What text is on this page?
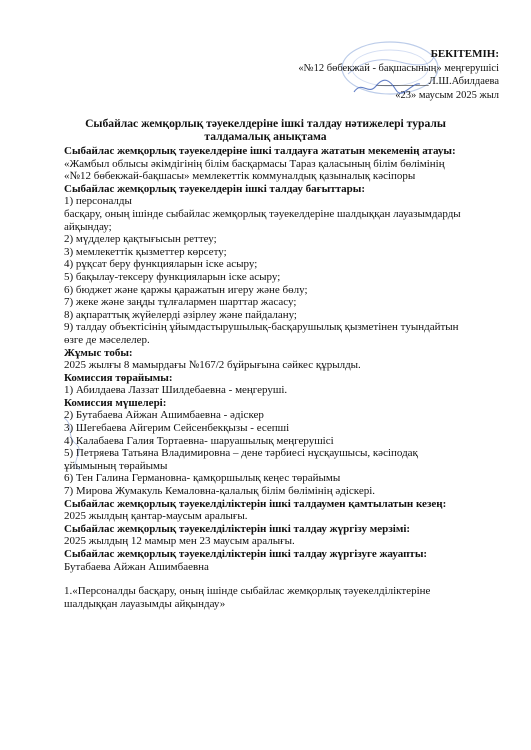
БЕКІТЕМІН:
«№12 бөбекжай - бақшасының» меңгерушісі
__________Л.Ш.Абилдаева
«23» маусым 2025 жыл
Сыбайлас жемқорлық тәуекелдеріне ішкі талдау нәтижелері туралы
талдамалық анықтама

Сыбайлас жемқорлық тәуекелдеріне ішкі талдауға жататын мекеменің атауы:

«Жамбыл облысы әкімдігінің білім басқармасы Тараз қаласының білім бөлімінің

«№12 бөбекжай-бақшасы» мемлекеттік коммуналдық қазыналық кәсіпоры

Сыбайлас жемқорлық тәуекелдерін ішкі талдау бағыттары:

1) персоналды

басқару, оның ішінде сыбайлас жемқорлық тәуекелдеріне шалдыққан лауазымдарды

айқындау;

2) мүдделер қақтығысын реттеу;

3) мемлекеттік қызметтер көрсету;

4) рұқсат беру функцияларын іске асыру;

5) бақылау-тексеру функцияларын іске асыру;

6) бюджет және қаржы қаражатын игеру және бөлу;

7) жеке және заңды тұлғалармен шарттар жасасу;

8) ақпараттық жүйелерді әзірлеу және пайдалану;

9) талдау объектісінің ұйымдастырушылық-басқарушылық қызметінен туындайтын

өзге де мәселелер.

Жұмыс тобы:

2025 жылғы 8 мамырдағы №167/2 бұйрығына сәйкес құрылды.

Комиссия төрайымы:

1) Абилдаева Лаззат Шилдебаевна - меңгеруші.

Комиссия мүшелері:

2) Бутабаева Айжан Ашимбаевна - әдіскер

3) Шегебаева Айгерим Сейсенбекқызы - есепші

4) Калабаева Галия Тортаевна- шаруашылық меңгерушісі

5) Петряева Татьяна Владимировна – дене тәрбиесі нұсқаушысы, кәсіподақ

ұйымының төрайымы

6) Тен Галина Германовна- қамқоршылық кеңес төрайымы

7) Мирова Жумакуль Кемаловна-қалалық білім бөлімінің әдіскері.

Сыбайлас жемқорлық тәуекелділіктерін ішкі талдаумен қамтылатын кезең:

2025 жылдың қантар-маусым аралығы.

Сыбайлас жемқорлық тәуекелділіктерін ішкі талдау жүргізу мерзімі:

2025 жылдың 12 мамыр мен 23 маусым аралығы.

Сыбайлас жемқорлық тәуекелділіктерін ішкі талдау жүргізуге жауапты:

Бутабаева Айжан Ашимбаевна

1.«Персоналды басқару, оның ішінде сыбайлас жемқорлық тәуекелділіктеріне

шалдыққан лауазымды айқындау»
